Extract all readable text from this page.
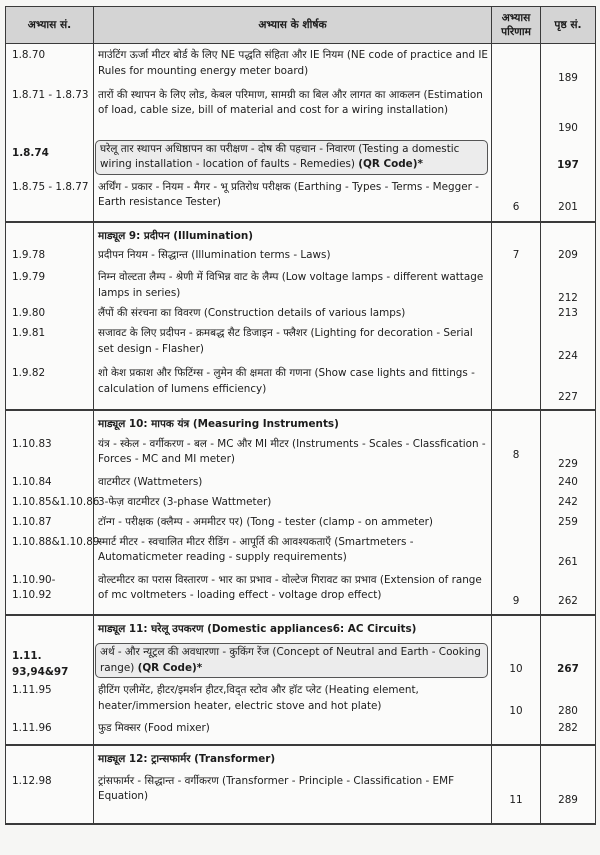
अभ्यास सं.	अभ्यास के शीर्षक	अभ्यास परिणाम	पृष्ठ सं.
1.8.70	माउंटिंग ऊर्जा मीटर बोर्ड के लिए NE पद्धति संहिता और IE नियम (NE code of practice and IE Rules for mounting energy meter board)		189
1.8.71 - 1.8.73	तारों की स्थापन के लिए लोड, केबल परिमाण, सामग्री का बिल और लागत का आकलन (Estimation of load, cable size, bill of material and cost for a wiring installation)		190
1.8.74	घरेलू तार स्थापन अधिष्ठापन का परीक्षण - दोष की पहचान - निवारण (Testing a domestic wiring installation - location of faults - Remedies) (QR Code)*		197
1.8.75 - 1.8.77	अर्थिंग - प्रकार - नियम - मैगर - भू प्रतिरोध परीक्षक (Earthing - Types - Terms - Megger - Earth resistance Tester)	6	201
	माड्यूल 9: प्रदीपन (Illumination)		
1.9.78	प्रदीपन नियम - सिद्धान्त (Illumination terms - Laws)	7	209
1.9.79	निम्न वोल्टता लैम्प - श्रेणी में विभिन्न वाट के लैम्प (Low voltage lamps - different wattage lamps in series)		212
1.9.80	लैंपों की संरचना का विवरण (Construction details of various lamps)		213
1.9.81	सजावट के लिए प्रदीपन - क्रमबद्ध सैट डिजाइन - फ्लैशर (Lighting for decoration - Serial set design - Flasher)		224
1.9.82	शो केश प्रकाश और फिटिंग्स - लुमेन की क्षमता की गणना (Show case lights and fittings - calculation of lumens efficiency)		227
	माड्यूल 10: मापक यंत्र (Measuring Instruments)		
1.10.83	यंत्र - स्केल - वर्गीकरण - बल - MC और MI मीटर (Instruments - Scales - Classfication - Forces - MC and MI meter)	8	229
1.10.84	वाटमीटर (Wattmeters)		240
1.10.85&1.10.86	3-फेज़ वाटमीटर (3-phase Wattmeter)		242
1.10.87	टॉन्ग - परीक्षक (क्लैम्प - अममीटर पर) (Tong - tester (clamp - on ammeter)		259
1.10.88&1.10.89	स्मार्ट मीटर - स्वचालित मीटर रीडिंग - आपूर्ति की आवश्यकताएँ (Smartmeters - Automaticmeter reading - supply requirements)		261
1.10.90-1.10.92	वोल्टमीटर का परास विस्तारण - भार का प्रभाव - वोल्टेज गिरावट का प्रभाव (Extension of range of mc voltmeters - loading effect - voltage drop effect)	9	262
	माड्यूल 11: घरेलू उपकरण (Domestic appliances6: AC Circuits)		
1.11. 93,94&97	अर्थ - और न्यूट्रल की अवधारणा - कुकिंग रेंज (Concept of Neutral and Earth - Cooking range) (QR Code)*	10	267
1.11.95	हीटिंग एलीमेंट, हीटर/इमर्शन हीटर,विद्त स्टोव और हॉट प्लेट (Heating element, heater/immersion heater, electric stove and hot plate)	10	280
1.11.96	फुड मिक्सर (Food mixer)		282
	माड्यूल 12: ट्रान्सफार्मर (Transformer)		
1.12.98	ट्रांसफार्मर - सिद्धान्त - वर्गीकरण (Transformer - Principle - Classification - EMF Equation)	11	289
